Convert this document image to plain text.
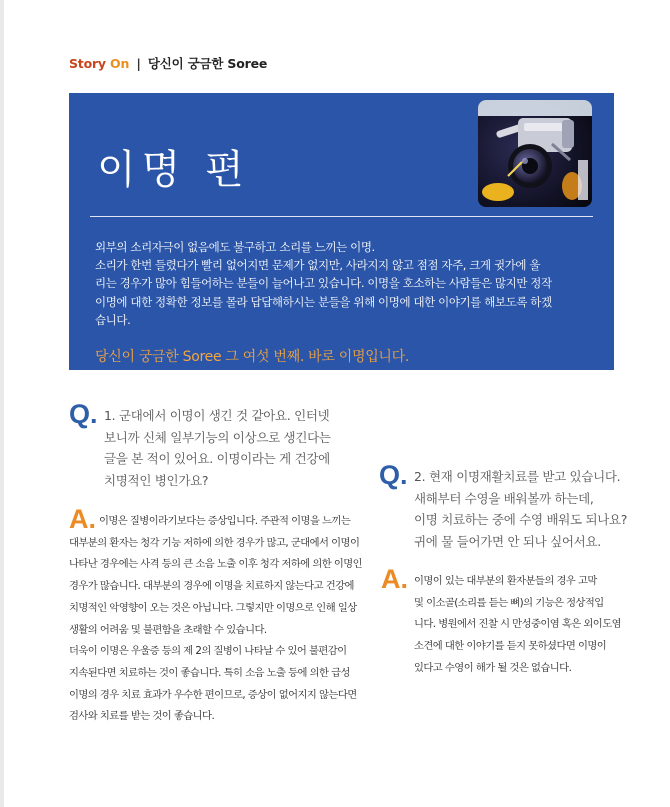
Story On | 당신이 궁금한 Soree
이명 편
외부의 소리자극이 없음에도 불구하고 소리를 느끼는 이명.
소리가 한번 들렸다가 빨리 없어지면 문제가 없지만, 사라지지 않고 점점 자주, 크게 귓가에 울
리는 경우가 많아 힘들어하는 분들이 늘어나고 있습니다. 이명을 호소하는 사람들은 많지만 정작
이명에 대한 정확한 정보를 몰라 답답해하시는 분들을 위해 이명에 대한 이야기를 해보도록 하겠
습니다.
당신이 궁금한 Soree 그 여섯 번째. 바로 이명입니다.
Q. 1. 군대에서 이명이 생긴 것 같아요. 인터넷
보니까 신체 일부기능의 이상으로 생긴다는
글을 본 적이 있어요. 이명이라는 게 건강에
치명적인 병인가요?
A. 이명은 질병이라기보다는 증상입니다. 주관적 이명을 느끼는
대부분의 환자는 청각 기능 저하에 의한 경우가 많고, 군대에서 이명이
나타난 경우에는 사격 등의 큰 소음 노출 이후 청각 저하에 의한 이명인
경우가 많습니다. 대부분의 경우에 이명을 치료하지 않는다고 건강에
치명적인 악영향이 오는 것은 아닙니다. 그렇지만 이명으로 인해 일상
생활의 어려움 및 불편함을 초래할 수 있습니다.
더욱이 이명은 우울증 등의 제 2의 질병이 나타날 수 있어 불편감이
지속된다면 치료하는 것이 좋습니다. 특히 소음 노출 등에 의한 급성
이명의 경우 치료 효과가 우수한 편이므로, 증상이 없어지지 않는다면
검사와 치료를 받는 것이 좋습니다.
Q. 2. 현재 이명재활치료를 받고 있습니다.
새해부터 수영을 배워볼까 하는데,
이명 치료하는 중에 수영 배워도 되나요?
귀에 물 들어가면 안 되나 싶어서요.
A. 이명이 있는 대부분의 환자분들의 경우 고막
및 이소골(소리를 듣는 뼈)의 기능은 정상적입
니다. 병원에서 진찰 시 만성중이염 혹은 외이도염
소견에 대한 이야기를 듣지 못하셨다면 이명이
있다고 수영이 해가 될 것은 없습니다.
